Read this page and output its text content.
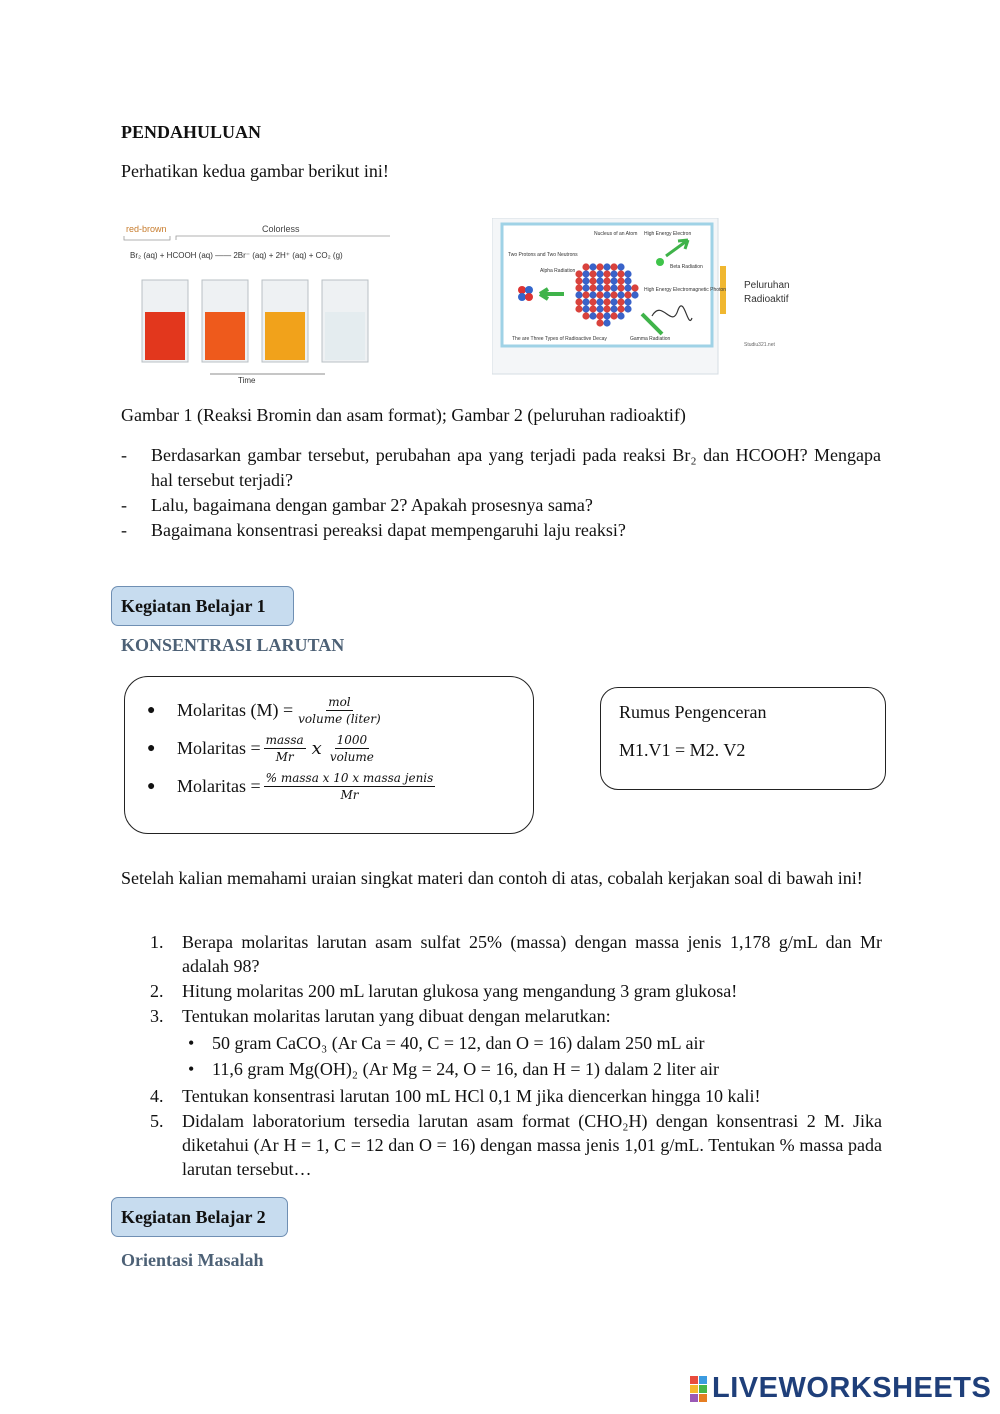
PENDAHULUAN
Perhatikan kedua gambar berikut ini!
red-brown	Colorless
Br₂ (aq) + HCOOH (aq) —— 2Br⁻ (aq) + 2H⁺ (aq) + CO₂ (g)
Time
Nucleus of an Atom High Energy Electron
Two Protons and Two Neutrons
Alpha Radiation
Beta Radiation
High Energy Electromagnetic Photon
Gamma Radiation
The are Three Types of Radioactive Decay
Peluruhan
Radioaktif
Studiu321.net
Gambar 1 (Reaksi Bromin dan asam format); Gambar 2 (peluruhan radioaktif)
- Berdasarkan gambar tersebut, perubahan apa yang terjadi pada reaksi Br₂ dan HCOOH? Mengapa hal tersebut terjadi?
- Lalu, bagaimana dengan gambar 2? Apakah prosesnya sama?
- Bagaimana konsentrasi pereaksi dapat mempengaruhi laju reaksi?
Kegiatan Belajar 1
KONSENTRASI LARUTAN
●	Molaritas $(M) = \frac{\text{mol}}{\text{volume (liter)}}$
●	Molaritas = $\frac{\text{massa}}{Mr}$ x $\frac{1000}{\text{volume}}$
●	Molaritas = $\frac{\text{\% massa x 10 x massa jenis}}{Mr}$
Rumus Pengenceran
M1.V1 = M2. V2
Setelah kalian memahami uraian singkat materi dan contoh di atas, cobalah kerjakan soal di bawah ini!
1. Berapa molaritas larutan asam sulfat 25% (massa) dengan massa jenis 1,178 g/mL dan Mr adalah 98?
2. Hitung molaritas 200 mL larutan glukosa yang mengandung 3 gram glukosa!
3. Tentukan molaritas larutan yang dibuat dengan melarutkan:
• 50 gram CaCO₃ (Ar Ca = 40, C = 12, dan O = 16) dalam 250 mL air
• 11,6 gram Mg(OH)₂ (Ar Mg = 24, O = 16, dan H = 1) dalam 2 liter air
4. Tentukan konsentrasi larutan 100 mL HCl 0,1 M jika diencerkan hingga 10 kali!
5. Didalam laboratorium tersedia larutan asam format (CHO₂H) dengan konsentrasi 2 M. Jika diketahui (Ar H = 1, C = 12 dan O = 16) dengan massa jenis 1,01 g/mL. Tentukan % massa pada larutan tersebut…
Kegiatan Belajar 2
Orientasi Masalah
LIVEWORKSHEETS
